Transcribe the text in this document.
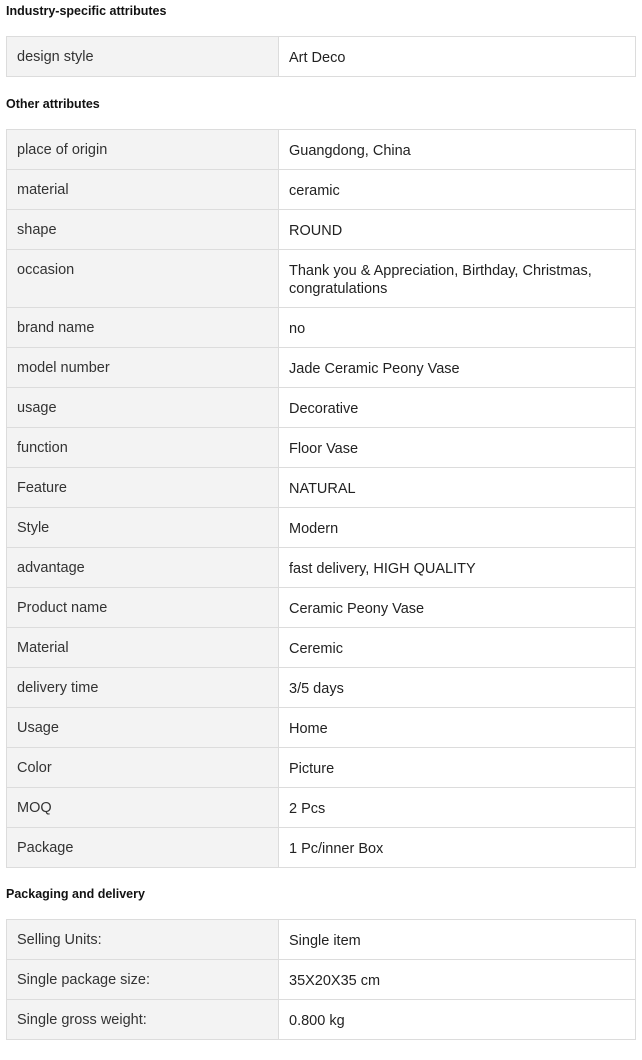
Industry-specific attributes
design style	Art Deco
Other attributes
place of origin	Guangdong, China
material	ceramic
shape	ROUND
occasion	Thank you & Appreciation, Birthday, Christmas, congratulations
brand name	no
model number	Jade Ceramic Peony Vase
usage	Decorative
function	Floor Vase
Feature	NATURAL
Style	Modern
advantage	fast delivery, HIGH QUALITY
Product name	Ceramic Peony Vase
Material	Ceremic
delivery time	3/5 days
Usage	Home
Color	Picture
MOQ	2 Pcs
Package	1 Pc/inner Box
Packaging and delivery
Selling Units:	Single item
Single package size:	35X20X35 cm
Single gross weight:	0.800 kg
